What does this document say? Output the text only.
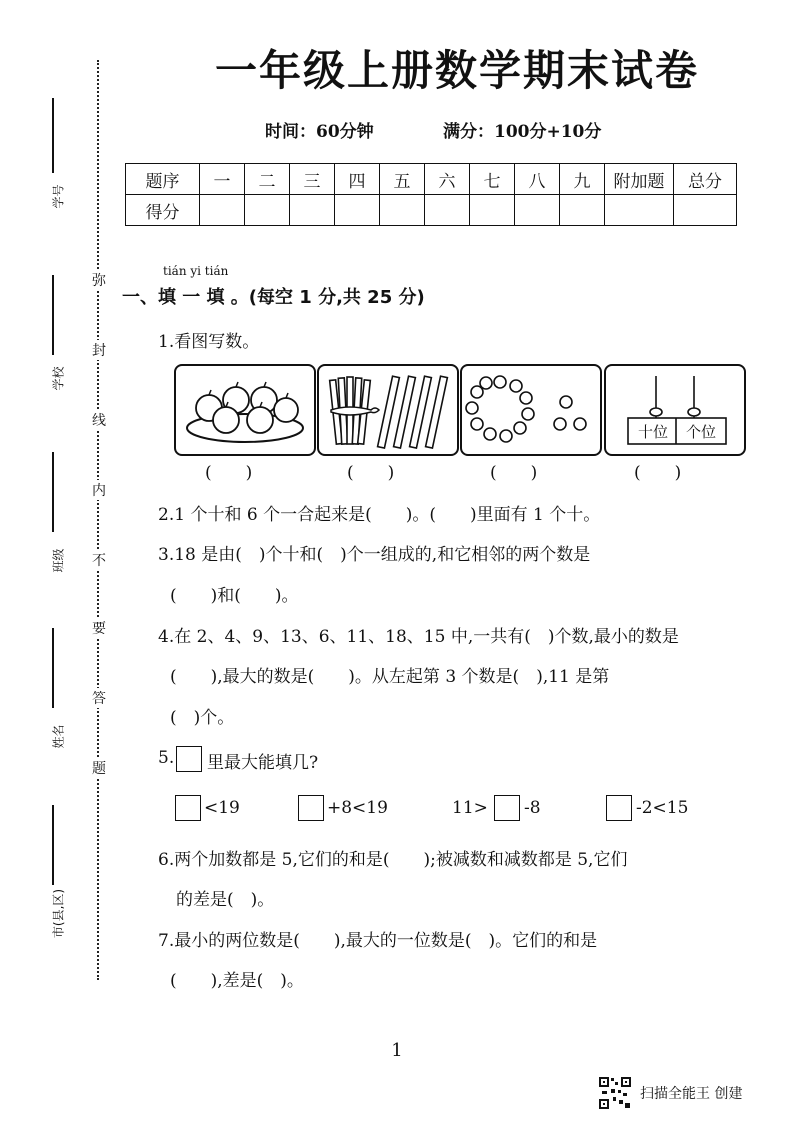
学号
学校
班级
姓名
市(县,区)
弥
封
线
内
不
要
答
题
一年级上册数学期末试卷
时间：60分钟	满分：100分+10分
题序	一	二	三	四	五	六	七	八	九	附加题	总分
得分											
tián yi tián
一、填 一 填 。(每空 1 分,共 25 分)
1.看图写数。
十位	个位
(　　)	(　　)	(　　)	(　　)
2.1 个十和 6 个一合起来是(　　)。(　　)里面有 1 个十。
3.18 是由(　)个十和(　)个一组成的,和它相邻的两个数是
(　　)和(　　)。
4.在 2、4、9、13、6、11、18、15 中,一共有(　)个数,最小的数是
(　　),最大的数是(　　)。从左起第 3 个数是(　),11 是第
(　)个。
5. 里最大能填几?
<19	+8<19	11> -8	-2<15
6.两个加数都是 5,它们的和是(　　);被减数和减数都是 5,它们
的差是(　)。
7.最小的两位数是(　　),最大的一位数是(　)。它们的和是
(　　),差是(　)。
1
扫描全能王 创建
